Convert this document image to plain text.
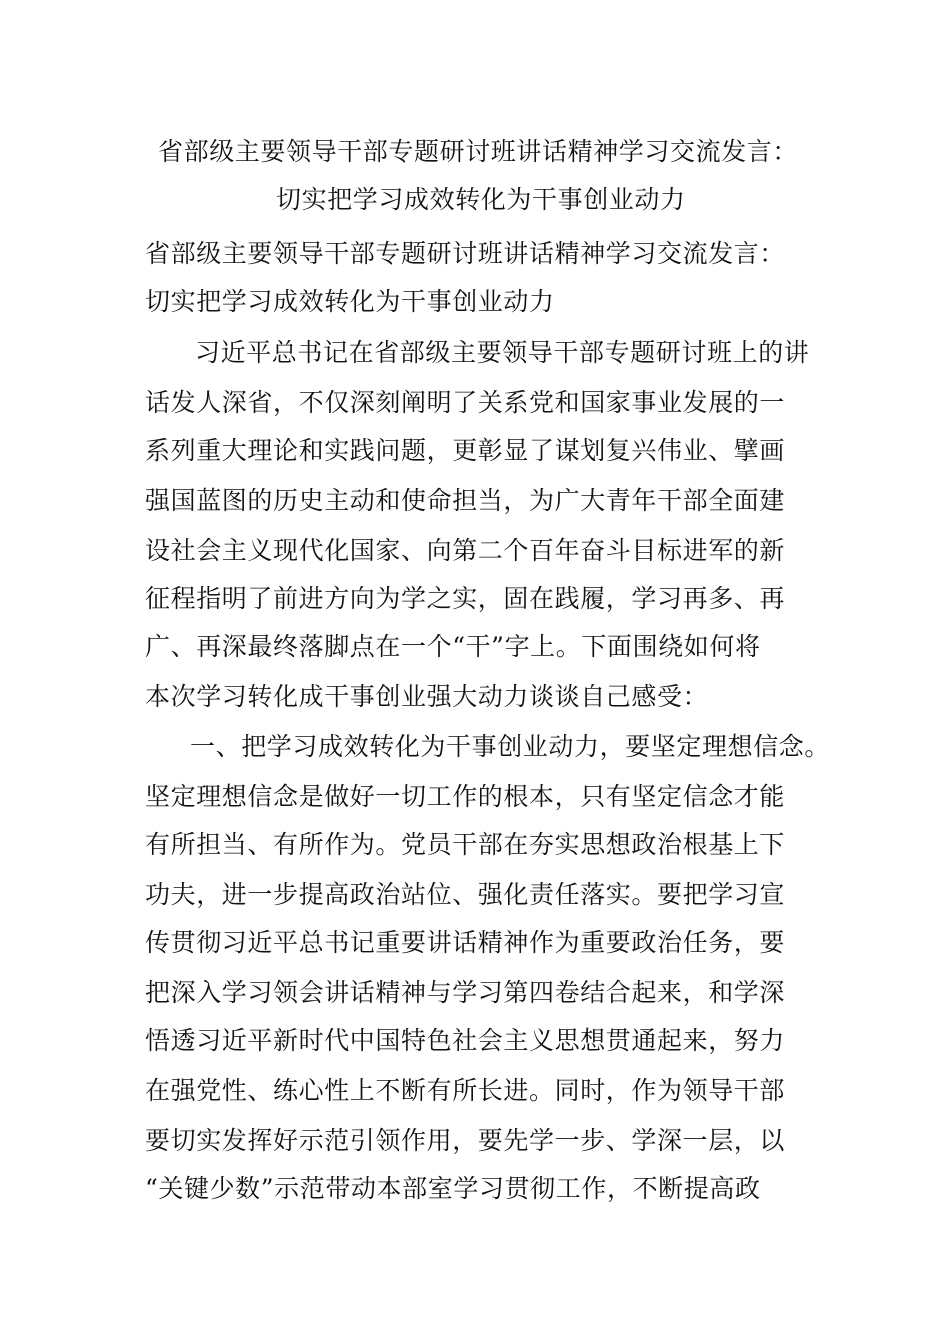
省部级主要领导干部专题研讨班讲话精神学习交流发言：
切实把学习成效转化为干事创业动力
省部级主要领导干部专题研讨班讲话精神学习交流发言：
切实把学习成效转化为干事创业动力
习近平总书记在省部级主要领导干部专题研讨班上的讲
话发人深省，不仅深刻阐明了关系党和国家事业发展的一
系列重大理论和实践问题，更彰显了谋划复兴伟业、擘画
强国蓝图的历史主动和使命担当，为广大青年干部全面建
设社会主义现代化国家、向第二个百年奋斗目标进军的新
征程指明了前进方向为学之实，固在践履，学习再多、再
广、再深最终落脚点在一个“干”字上。下面围绕如何将
本次学习转化成干事创业强大动力谈谈自己感受：
一、把学习成效转化为干事创业动力，要坚定理想信念。
坚定理想信念是做好一切工作的根本，只有坚定信念才能
有所担当、有所作为。党员干部在夯实思想政治根基上下
功夫，进一步提高政治站位、强化责任落实。要把学习宣
传贯彻习近平总书记重要讲话精神作为重要政治任务，要
把深入学习领会讲话精神与学习第四卷结合起来，和学深
悟透习近平新时代中国特色社会主义思想贯通起来，努力
在强党性、练心性上不断有所长进。同时，作为领导干部
要切实发挥好示范引领作用，要先学一步、学深一层，以
“关键少数”示范带动本部室学习贯彻工作，不断提高政
